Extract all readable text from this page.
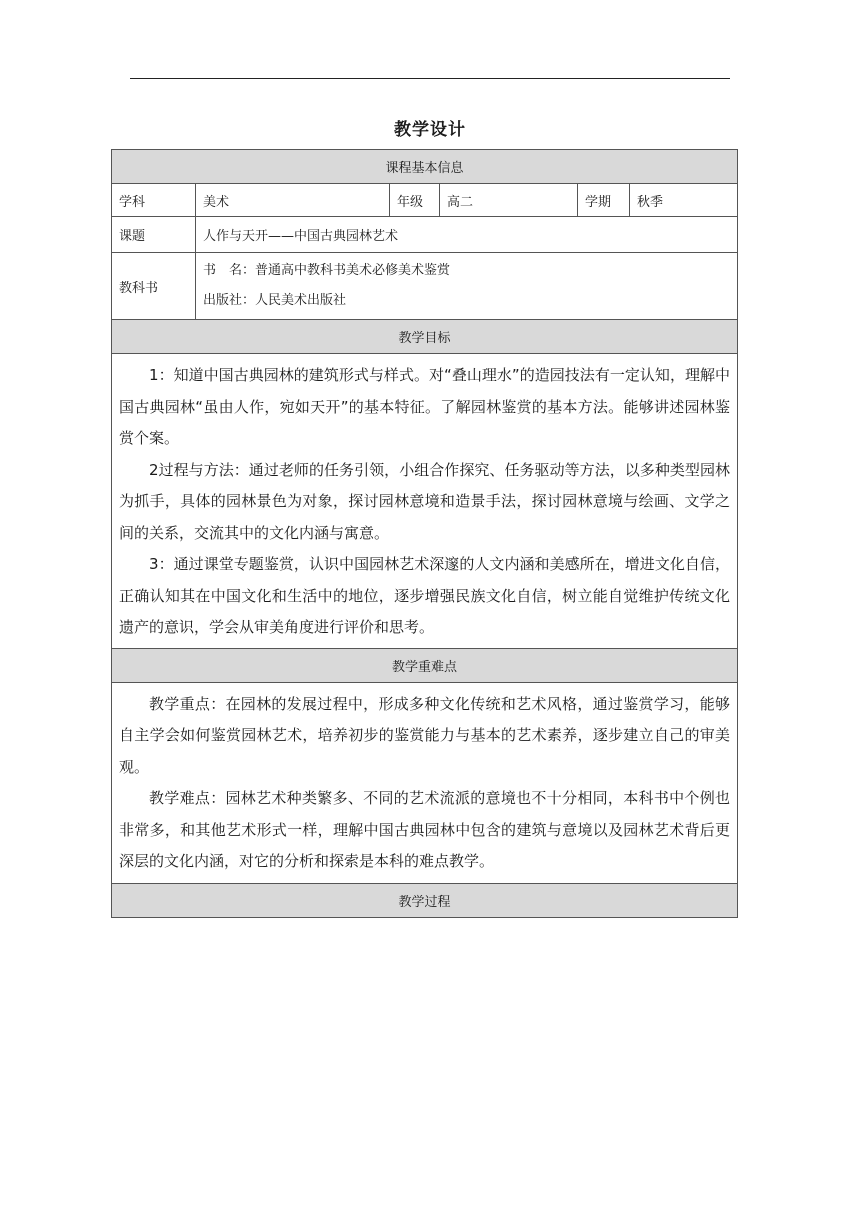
教学设计
课程基本信息					
学科	美术	年级	高二	学期	秋季
课题	人作与天开——中国古典园林艺术				
教科书	书　名：普通高中教科书美术必修美术鉴赏
出版社：人民美术出版社				

教学目标					

1：知道中国古典园林的建筑形式与样式。对“叠山理水”的造园技法有一定认知，理解中国古典园林“虽由人作，宛如天开”的基本特征。了解园林鉴赏的基本方法。能够讲述园林鉴赏个案。

2过程与方法：通过老师的任务引领，小组合作探究、任务驱动等方法，以多种类型园林为抓手，具体的园林景色为对象，探讨园林意境和造景手法，探讨园林意境与绘画、文学之间的关系，交流其中的文化内涵与寓意。

3：通过课堂专题鉴赏，认识中国园林艺术深邃的人文内涵和美感所在，增进文化自信，正确认知其在中国文化和生活中的地位，逐步增强民族文化自信，树立能自觉维护传统文化遗产的意识，学会从审美角度进行评价和思考。					

教学重难点					

教学重点：在园林的发展过程中，形成多种文化传统和艺术风格，通过鉴赏学习，能够自主学会如何鉴赏园林艺术，培养初步的鉴赏能力与基本的艺术素养，逐步建立自己的审美观。

教学难点：园林艺术种类繁多、不同的艺术流派的意境也不十分相同，本科书中个例也非常多，和其他艺术形式一样，理解中国古典园林中包含的建筑与意境以及园林艺术背后更深层的文化内涵，对它的分析和探索是本科的难点教学。					

教学过程					
